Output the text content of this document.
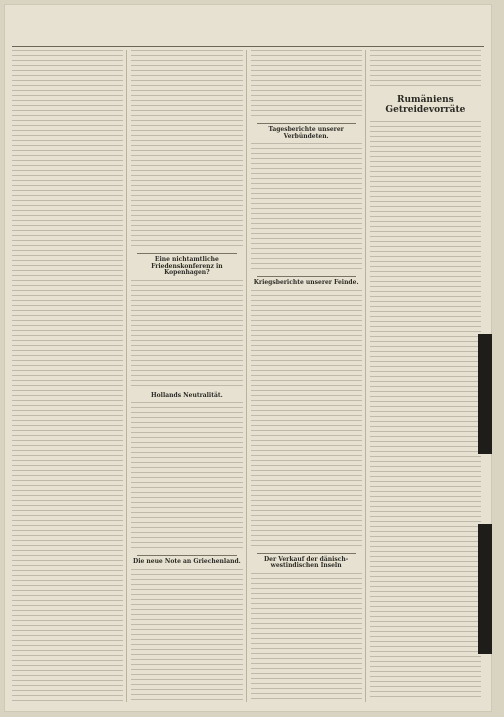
Eine nichtamtliche Friedenskonferenz in Kopenhagen?
Hollands Neutralität.
Die neue Note an Griechenland.
Tagesberichte unserer Verbündeten.
Kriegsberichte unserer Feinde.
Der Verkauf der dänisch-westindischen Inseln
Rumäniens Getreidevorräte
